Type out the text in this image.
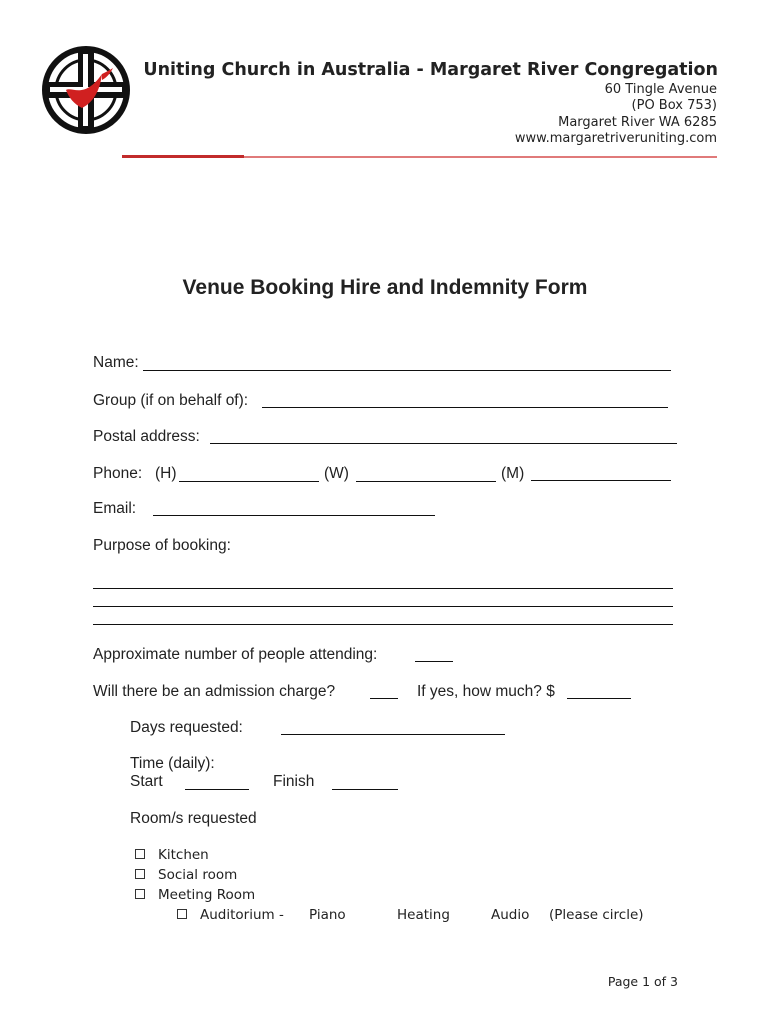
Uniting Church in Australia - Margaret River Congregation
60 Tingle Avenue
(PO Box 753)
Margaret River WA 6285
www.margaretriveruniting.com
Venue Booking Hire and Indemnity Form
Name:
Group (if on behalf of):
Postal address:
Phone: (H)	(W)	(M)
Email:
Purpose of booking:
Approximate number of people attending:
Will there be an admission charge?	If yes, how much? $
Days requested:
Time (daily):
Start	Finish
Room/s requested
Kitchen
Social room
Meeting Room
Auditorium - Piano	Heating	Audio (Please circle)
Page 1 of 3
